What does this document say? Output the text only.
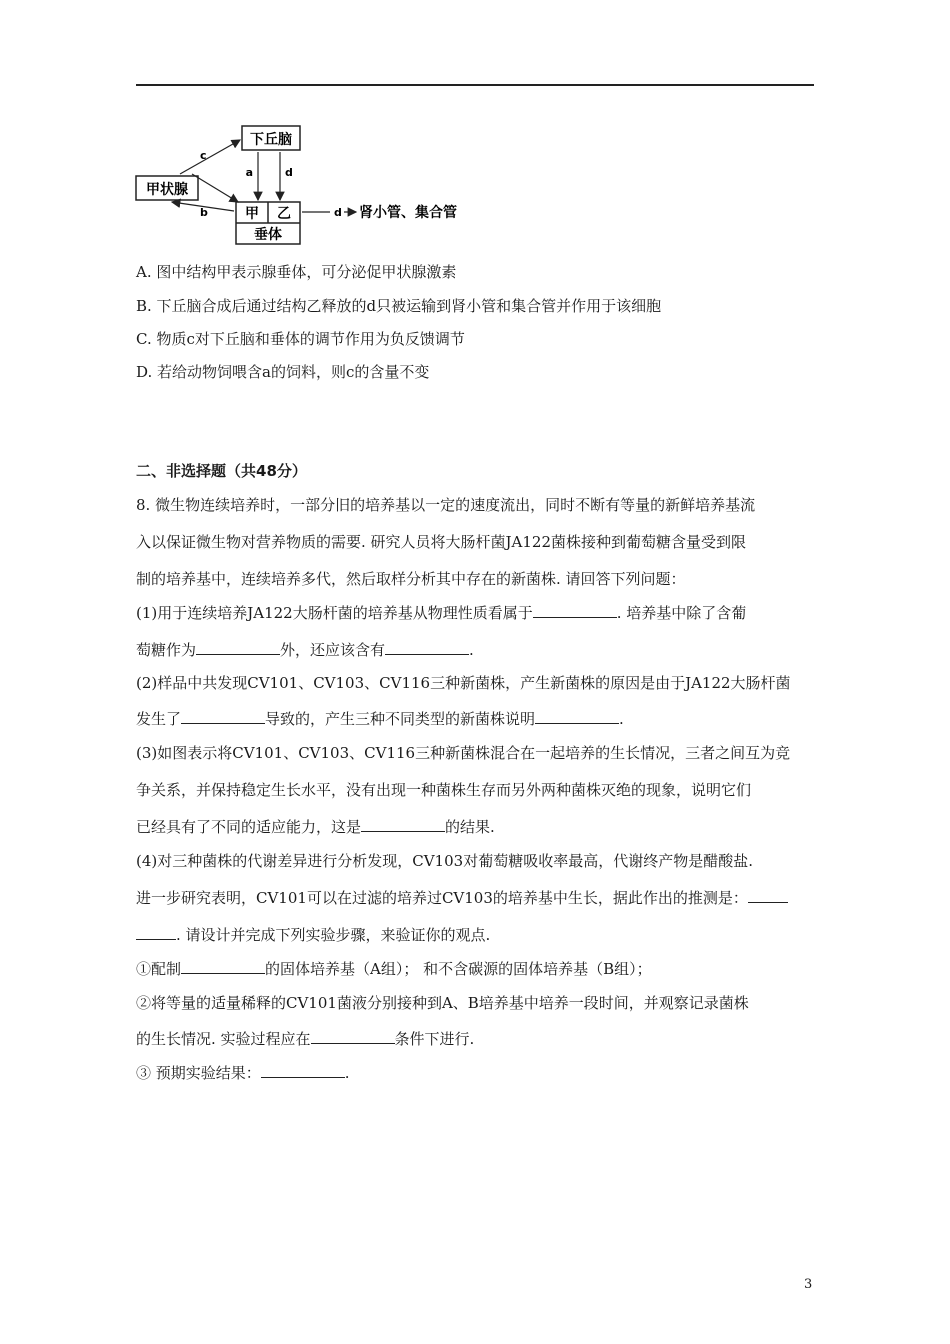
下丘脑
甲状腺
甲 乙
垂体
a	d
c
b	d 肾小管、集合管
A. 图中结构甲表示腺垂体，可分泌促甲状腺激素
B. 下丘脑合成后通过结构乙释放的d只被运输到肾小管和集合管并作用于该细胞
C. 物质c对下丘脑和垂体的调节作用为负反馈调节
D. 若给动物饲喂含a的饲料，则c的含量不变
二、非选择题（共48分）
8. 微生物连续培养时，一部分旧的培养基以一定的速度流出，同时不断有等量的新鲜培养基流
入以保证微生物对营养物质的需要. 研究人员将大肠杆菌JA122菌株接种到葡萄糖含量受到限
制的培养基中，连续培养多代，然后取样分析其中存在的新菌株. 请回答下列问题：
(1)用于连续培养JA122大肠杆菌的培养基从物理性质看属于	. 培养基中除了含葡
萄糖作为	外，还应该含有	.
(2)样品中共发现CV101、CV103、CV116三种新菌株，产生新菌株的原因是由于JA122大肠杆菌
发生了	导致的，产生三种不同类型的新菌株说明	.
(3)如图表示将CV101、CV103、CV116三种新菌株混合在一起培养的生长情况，三者之间互为竞
争关系，并保持稳定生长水平，没有出现一种菌株生存而另外两种菌株灭绝的现象，说明它们
已经具有了不同的适应能力，这是	的结果.
(4)对三种菌株的代谢差异进行分析发现，CV103对葡萄糖吸收率最高，代谢终产物是醋酸盐.
进一步研究表明，CV101可以在过滤的培养过CV103的培养基中生长，据此作出的推测是：
. 请设计并完成下列实验步骤，来验证你的观点.
①配制	的固体培养基（A组）； 和不含碳源的固体培养基（B组）；
②将等量的适量稀释的CV101菌液分别接种到A、B培养基中培养一段时间，并观察记录菌株
的生长情况. 实验过程应在	条件下进行.
③ 预期实验结果：	.
3
